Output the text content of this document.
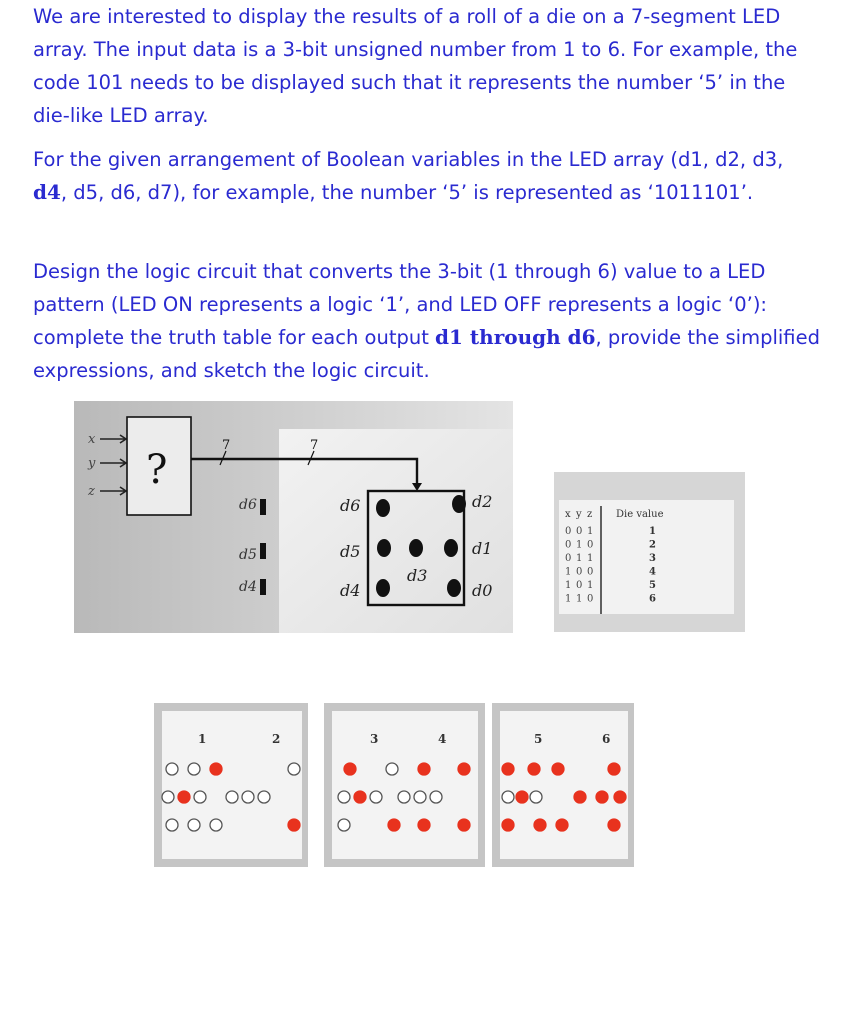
We are interested to display the results of a roll of a die on a 7-segment LED array. The input data is a 3-bit unsigned number from 1 to 6. For example, the code 101 needs to be displayed such that it represents the number ‘5’ in the die-like LED array.

For the given arrangement of Boolean variables in the LED array (d1, d2, d3, d4, d5, d6, d7), for example, the number ‘5’ is represented as ‘1011101’.

Design the logic circuit that converts the 3-bit (1 through 6) value to a LED pattern (LED ON represents a logic ‘1’, and LED OFF represents a logic ‘0’): complete the truth table for each output d1 through d6, provide the simplified expressions, and sketch the logic circuit.

x
y
z ?
7	7
d6
d5
d4
d6
d5
d4
d3
d2
d1
d0
x y z Die value
0 0 1	1
0 1 0	2
0 1 1	3
1 0 0	4
1 0 1	5
1 1 0	6
1	2	3	4	5	6
